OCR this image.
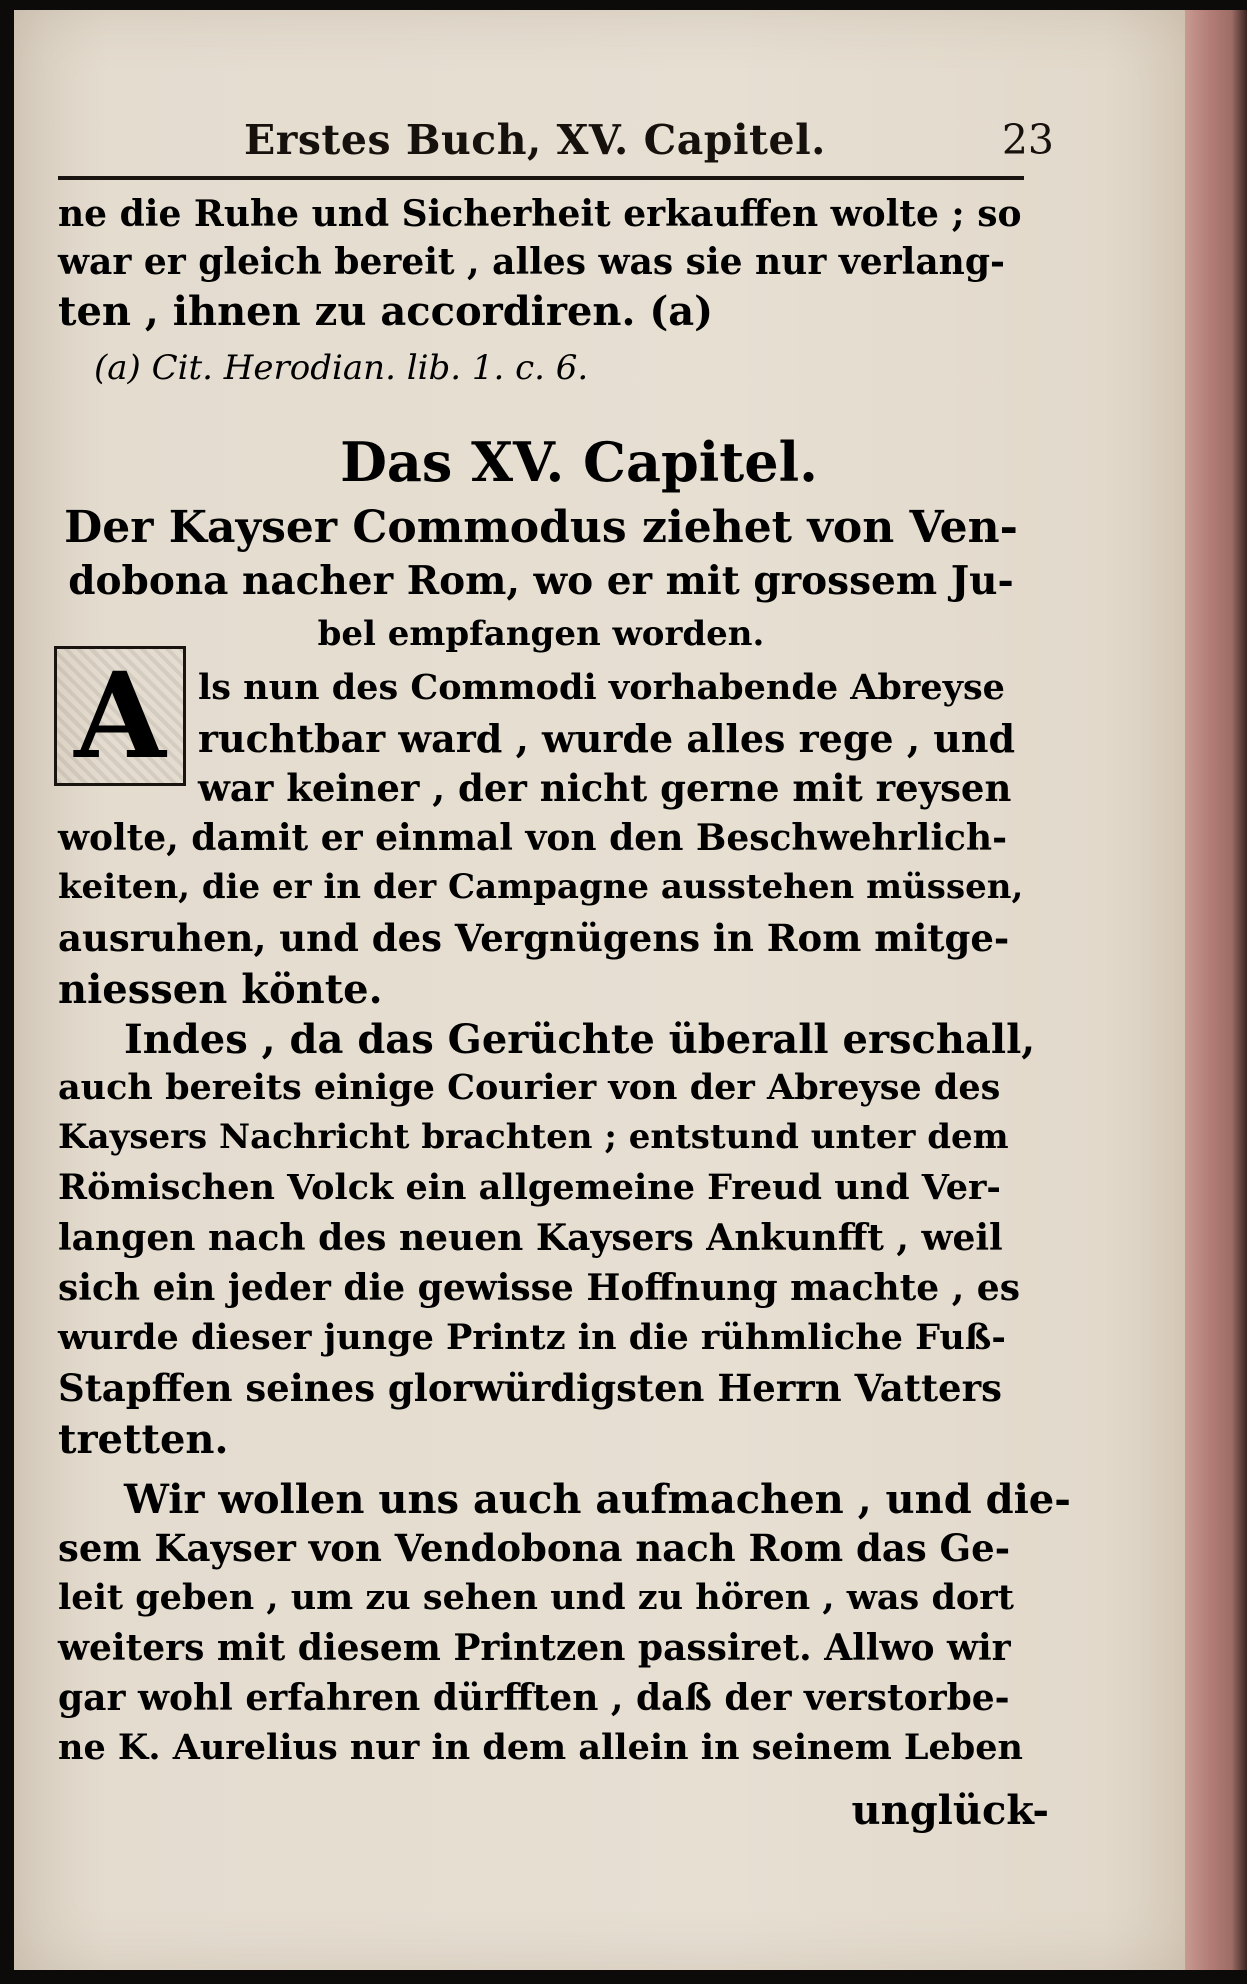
Erstes Buch, XV. Capitel.	23
ne die Ruhe und Sicherheit erkauffen wolte ; so
war er gleich bereit , alles was sie nur verlang-
ten , ihnen zu accordiren. (a)
(a) Cit. Herodian. lib. 1. c. 6.
Das XV. Capitel.
Der Kayser Commodus ziehet von Ven-
dobona nacher Rom, wo er mit grossem Ju-
bel empfangen worden.
A ls nun des Commodi vorhabende Abreyse
ruchtbar ward , wurde alles rege , und
war keiner , der nicht gerne mit reysen
wolte, damit er einmal von den Beschwehrlich-
keiten, die er in der Campagne ausstehen müssen,
ausruhen, und des Vergnügens in Rom mitge-
niessen könte.
Indes , da das Gerüchte überall erschall,
auch bereits einige Courier von der Abreyse des
Kaysers Nachricht brachten ; entstund unter dem
Römischen Volck ein allgemeine Freud und Ver-
langen nach des neuen Kaysers Ankunfft , weil
sich ein jeder die gewisse Hoffnung machte , es
wurde dieser junge Printz in die rühmliche Fuß-
Stapffen seines glorwürdigsten Herrn Vatters
tretten.
Wir wollen uns auch aufmachen , und die-
sem Kayser von Vendobona nach Rom das Ge-
leit geben , um zu sehen und zu hören , was dort
weiters mit diesem Printzen passiret. Allwo wir
gar wohl erfahren dürfften , daß der verstorbe-
ne K. Aurelius nur in dem allein in seinem Leben
unglück-
